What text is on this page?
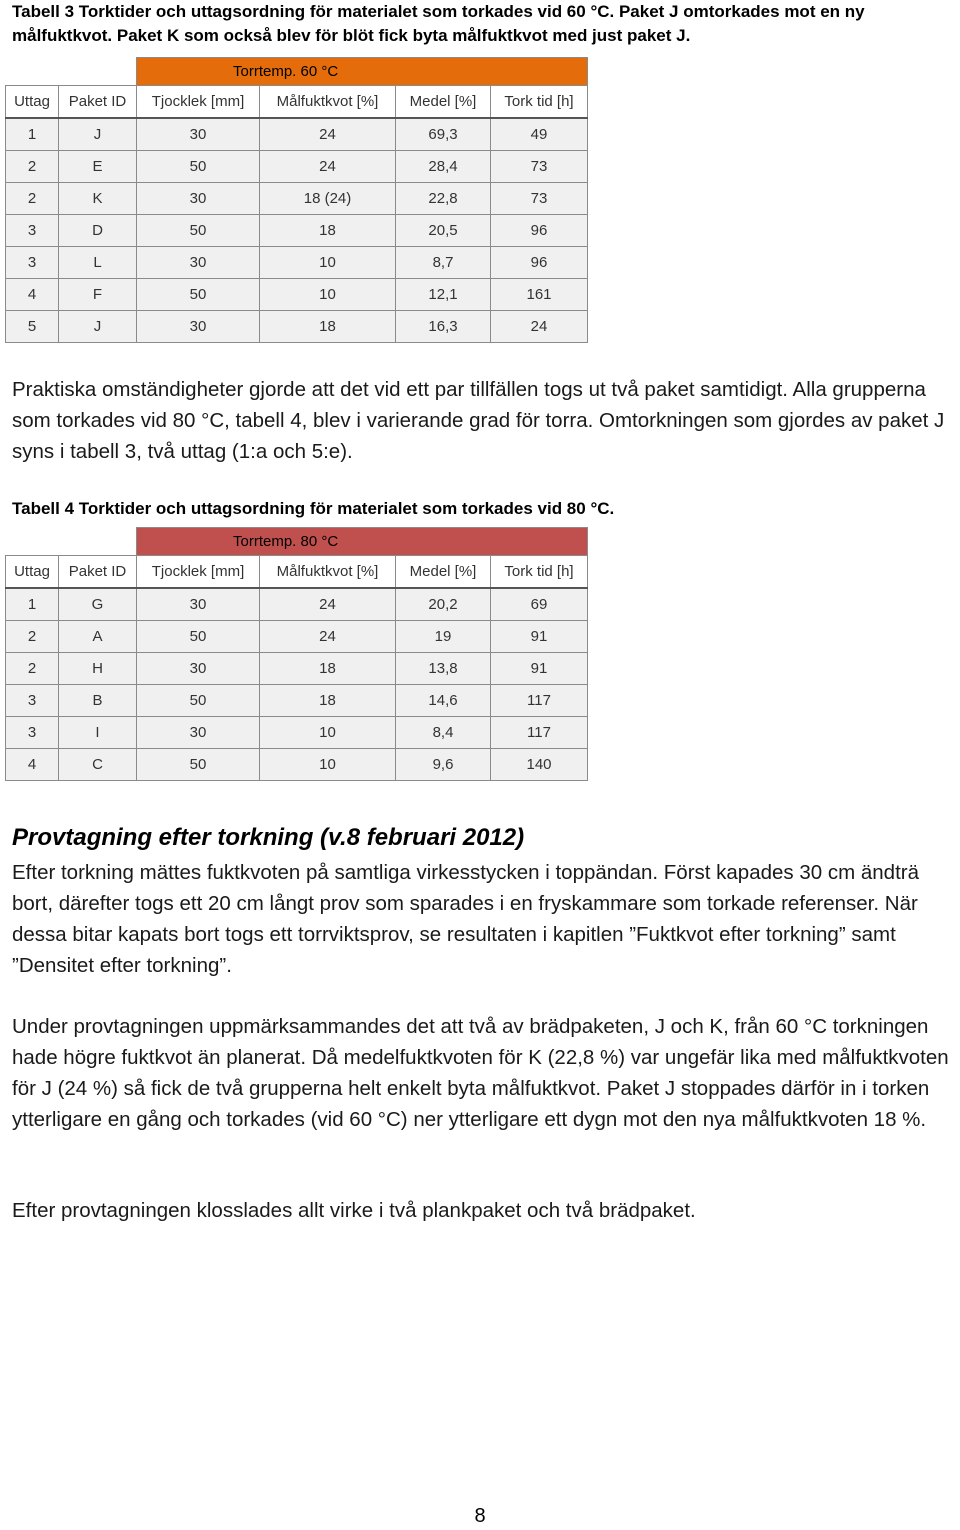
Tabell 3 Torktider och uttagsordning för materialet som torkades vid 60 °C. Paket J omtorkades mot en ny målfuktkvot. Paket K som också blev för blöt fick byta målfuktkvot med just paket J.

		Torrtemp. 60 °C			
Uttag	Paket ID	Tjocklek [mm]	Målfuktkvot [%]	Medel [%]	Tork tid [h]
1	J	30	24	69,3	49
2	E	50	24	28,4	73
2	K	30	18 (24)	22,8	73
3	D	50	18	20,5	96
3	L	30	10	8,7	96
4	F	50	10	12,1	161
5	J	30	18	16,3	24

Praktiska omständigheter gjorde att det vid ett par tillfällen togs ut två paket samtidigt. Alla grupperna som torkades vid 80 °C, tabell 4, blev i varierande grad för torra. Omtorkningen som gjordes av paket J syns i tabell 3, två uttag (1:a och 5:e).

Tabell 4 Torktider och uttagsordning för materialet som torkades vid 80 °C.

		Torrtemp. 80 °C			
Uttag	Paket ID	Tjocklek [mm]	Målfuktkvot [%]	Medel [%]	Tork tid [h]
1	G	30	24	20,2	69
2	A	50	24	19	91
2	H	30	18	13,8	91
3	B	50	18	14,6	117
3	I	30	10	8,4	117
4	C	50	10	9,6	140
Provtagning efter torkning (v.8 februari 2012)

Efter torkning mättes fuktkvoten på samtliga virkesstycken i toppändan. Först kapades 30 cm ändträ bort, därefter togs ett 20 cm långt prov som sparades i en fryskammare som torkade referenser. När dessa bitar kapats bort togs ett torrviktsprov, se resultaten i kapitlen ”Fuktkvot efter torkning” samt ”Densitet efter torkning”.

Under provtagningen uppmärksammandes det att två av brädpaketen, J och K, från 60 °C torkningen hade högre fuktkvot än planerat. Då medelfuktkvoten för K (22,8 %) var ungefär lika med målfuktkvoten för J (24 %) så fick de två grupperna helt enkelt byta målfuktkvot. Paket J stoppades därför in i torken ytterligare en gång och torkades (vid 60 °C) ner ytterligare ett dygn mot den nya målfuktkvoten 18 %.

Efter provtagningen klosslades allt virke i två plankpaket och två brädpaket.

8
